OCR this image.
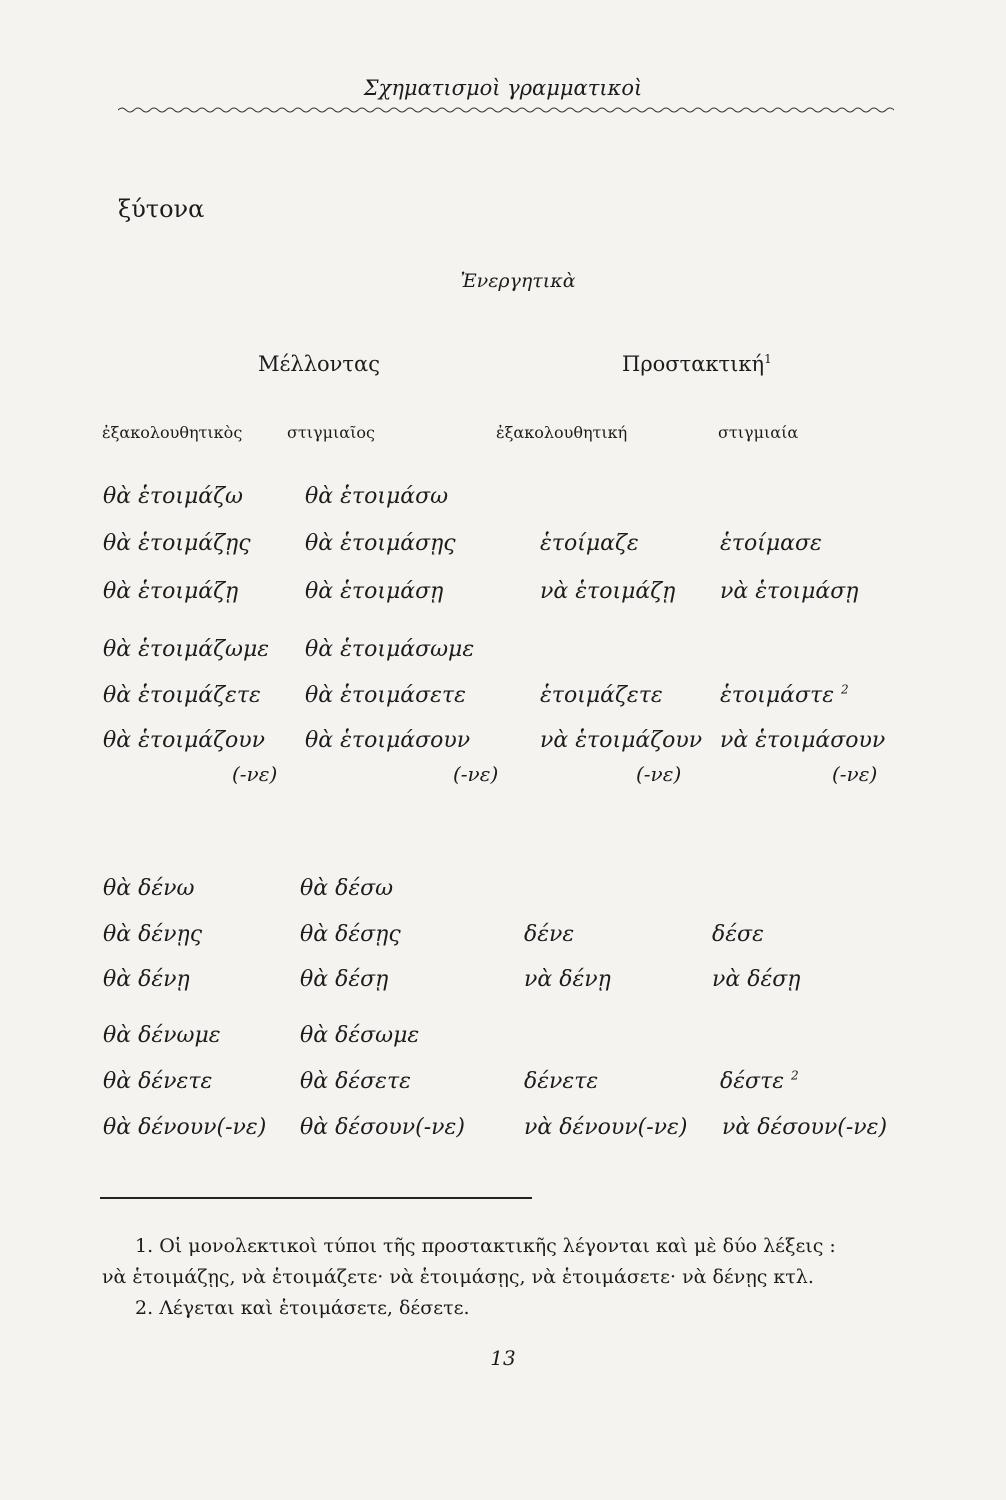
Σχηματισμοὶ γραμματικοὶ
ξύτονα
Ἐνεργητικὰ
Μέλλοντας	Προστακτική$^1$
ἐξακολουθητικὸς	στιγμιαῖος	ἐξακολουθητική	στιγμιαία
θὰ ἑτοιμάζω	θὰ ἑτοιμάσω
θὰ ἑτοιμάζῃς θὰ ἑτοιμάσῃς	ἑτοίμαζε	ἑτοίμασε
θὰ ἑτοιμάζῃ	θὰ ἑτοιμάσῃ	νὰ ἑτοιμάζῃ νὰ ἑτοιμάσῃ
θὰ ἑτοιμάζωμε θὰ ἑτοιμάσωμε
θὰ ἑτοιμάζετε θὰ ἑτοιμάσετε	ἑτοιμάζετε	ἑτοιμάστε $^2$
θὰ ἑτοιμάζουν θὰ ἑτοιμάσουν	νὰ ἑτοιμάζουν νὰ ἑτοιμάσουν
(-νε)	(-νε)	(-νε)	(-νε)
θὰ δένω	θὰ δέσω
θὰ δένῃς	θὰ δέσῃς	δένε	δέσε
θὰ δένῃ	θὰ δέσῃ	νὰ δένῃ	νὰ δέσῃ
θὰ δένωμε	θὰ δέσωμε
θὰ δένετε	θὰ δέσετε	δένετε	δέστε $^2$
θὰ δένουν(-νε) θὰ δέσουν(-νε)	νὰ δένουν(-νε) νὰ δέσουν(-νε)
1. Οἱ μονολεκτικοὶ τύποι τῆς προστακτικῆς λέγονται καὶ μὲ δύο λέξεις :
νὰ ἑτοιμάζῃς, νὰ ἑτοιμάζετε· νὰ ἑτοιμάσῃς, νὰ ἑτοιμάσετε· νὰ δένῃς κτλ.
2. Λέγεται καὶ ἑτοιμάσετε, δέσετε.
13
